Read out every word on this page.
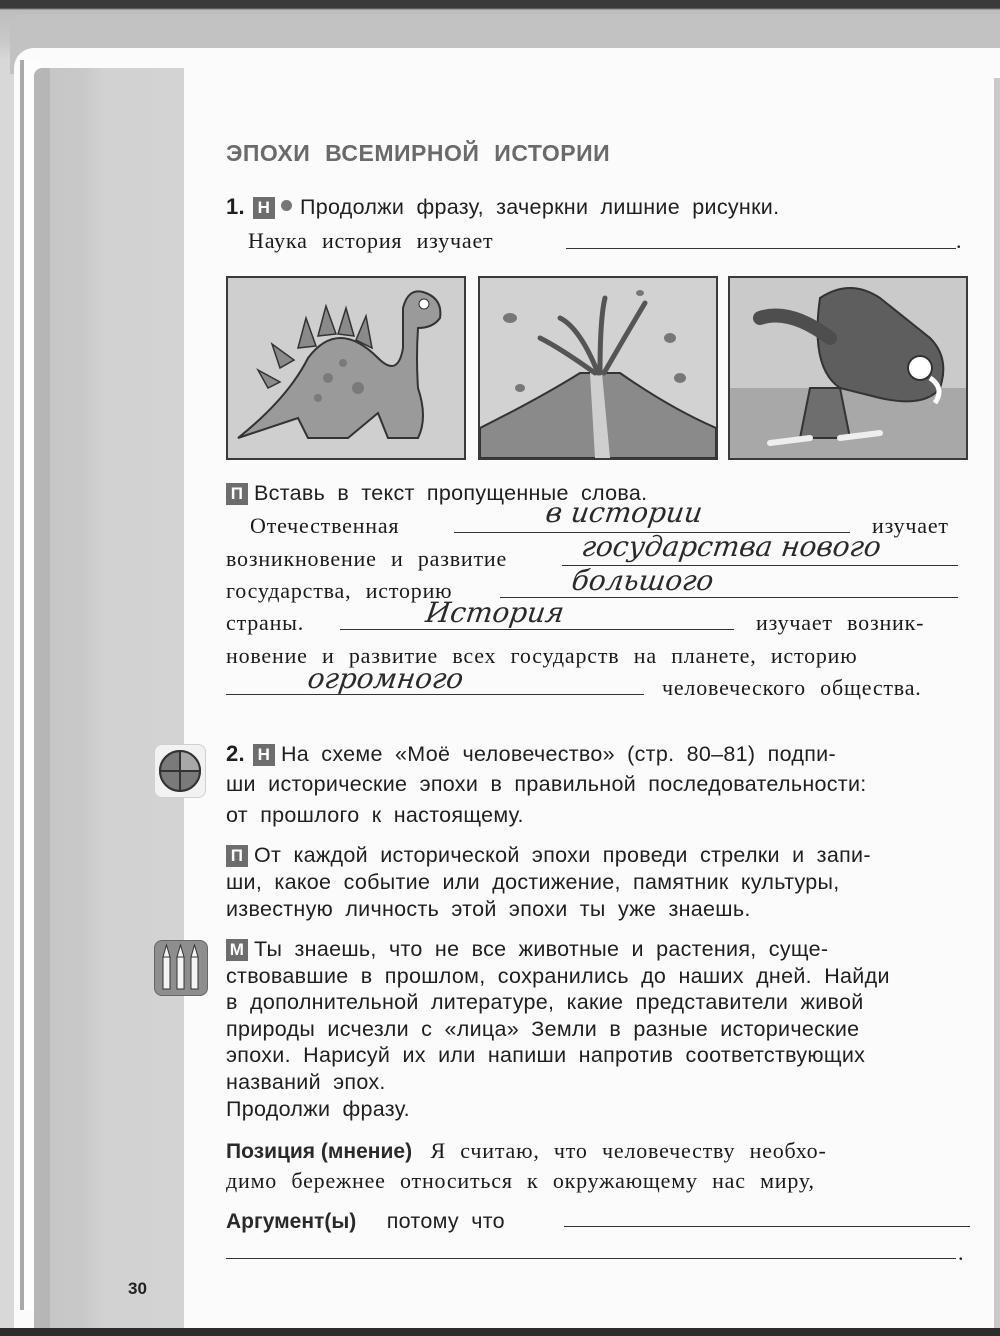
30
ЭПОХИ ВСЕМИРНОЙ ИСТОРИИ
1. Н Продолжи фразу, зачеркни лишние рисунки.
Наука история изучает	.
П Вставь в текст пропущенные слова.
Отечественная	в истории	изучает
возникновение и развитие	государства нового
государства, историю	большого
страны.	История	изучает возник-
новение и развитие всех государств на планете, историю
огромного	человеческого общества.
2. Н На схеме «Моё человечество» (стр. 80–81) подпи-
ши исторические эпохи в правильной последовательности:
от прошлого к настоящему.
П От каждой исторической эпохи проведи стрелки и запи-
ши, какое событие или достижение, памятник культуры,
известную личность этой эпохи ты уже знаешь.
М Ты знаешь, что не все животные и растения, суще-
ствовавшие в прошлом, сохранились до наших дней. Найди
в дополнительной литературе, какие представители живой
природы исчезли с «лица» Земли в разные исторические
эпохи. Нарисуй их или напиши напротив соответствующих
названий эпох.
Продолжи фразу.
Позиция (мнение) Я считаю, что человечеству необхо-
димо бережнее относиться к окружающему нас миру,
Аргумент(ы) потому что
.
